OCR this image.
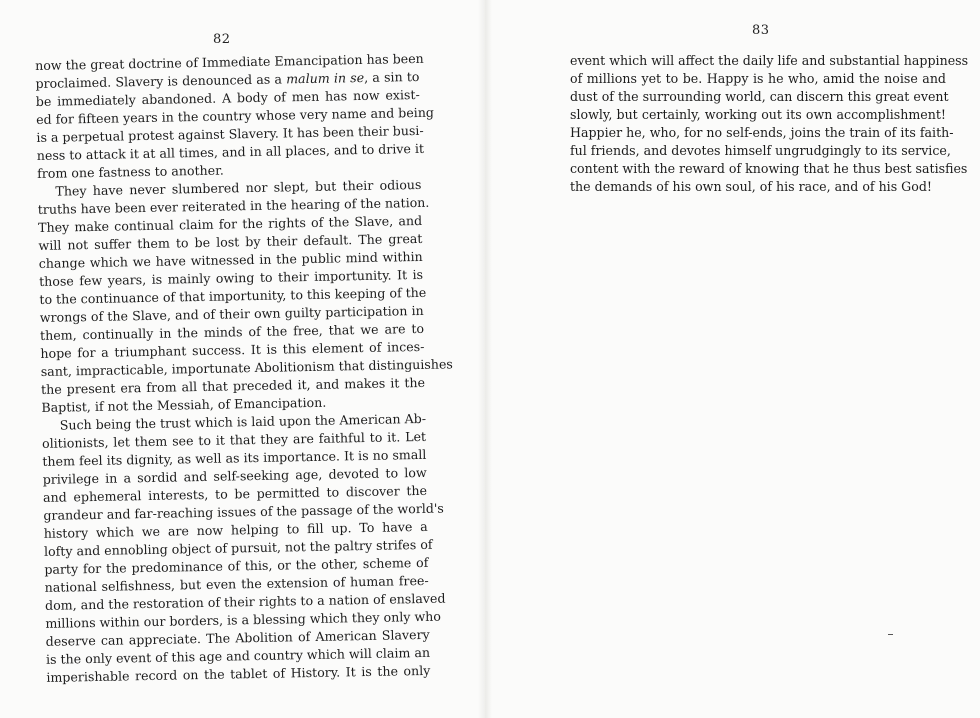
82
now the great doctrine of Immediate Emancipation has been
proclaimed. Slavery is denounced as a malum in se, a sin to
be immediately abandoned. A body of men has now exist-
ed for fifteen years in the country whose very name and being
is a perpetual protest against Slavery. It has been their busi-
ness to attack it at all times, and in all places, and to drive it
from one fastness to another.
They have never slumbered nor slept, but their odious
truths have been ever reiterated in the hearing of the nation.
They make continual claim for the rights of the Slave, and
will not suffer them to be lost by their default. The great
change which we have witnessed in the public mind within
those few years, is mainly owing to their importunity. It is
to the continuance of that importunity, to this keeping of the
wrongs of the Slave, and of their own guilty participation in
them, continually in the minds of the free, that we are to
hope for a triumphant success. It is this element of inces-
sant, impracticable, importunate Abolitionism that distinguishes
the present era from all that preceded it, and makes it the
Baptist, if not the Messiah, of Emancipation.
Such being the trust which is laid upon the American Ab-
olitionists, let them see to it that they are faithful to it. Let
them feel its dignity, as well as its importance. It is no small
privilege in a sordid and self-seeking age, devoted to low
and ephemeral interests, to be permitted to discover the
grandeur and far-reaching issues of the passage of the world's
history which we are now helping to fill up. To have a
lofty and ennobling object of pursuit, not the paltry strifes of
party for the predominance of this, or the other, scheme of
national selfishness, but even the extension of human free-
dom, and the restoration of their rights to a nation of enslaved
millions within our borders, is a blessing which they only who
deserve can appreciate. The Abolition of American Slavery
is the only event of this age and country which will claim an
imperishable record on the tablet of History. It is the only
83
event which will affect the daily life and substantial happiness
of millions yet to be. Happy is he who, amid the noise and
dust of the surrounding world, can discern this great event
slowly, but certainly, working out its own accomplishment!
Happier he, who, for no self-ends, joins the train of its faith-
ful friends, and devotes himself ungrudgingly to its service,
content with the reward of knowing that he thus best satisfies
the demands of his own soul, of his race, and of his God!
